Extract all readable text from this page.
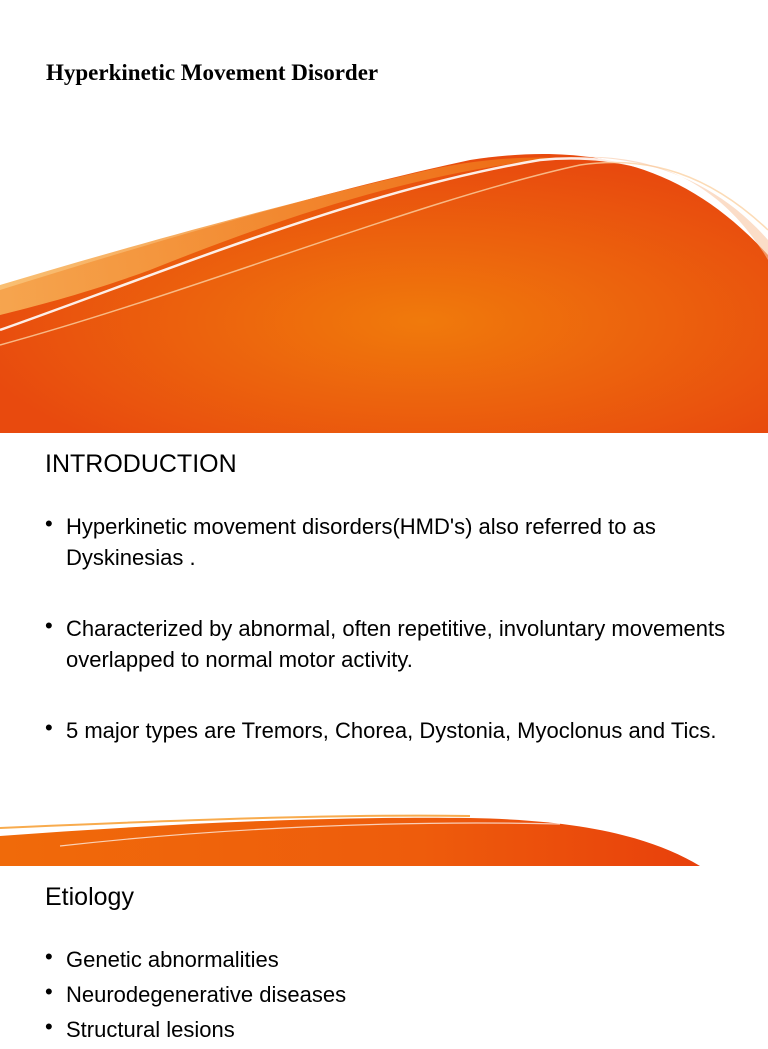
Hyperkinetic Movement Disorder
INTRODUCTION
• Hyperkinetic movement disorders(HMD's) also referred to as Dyskinesias .
• Characterized by abnormal, often repetitive, involuntary movements overlapped to normal motor activity.
• 5 major types are Tremors, Chorea, Dystonia, Myoclonus and Tics.
Etiology
• Genetic abnormalities
• Neurodegenerative diseases
• Structural lesions
